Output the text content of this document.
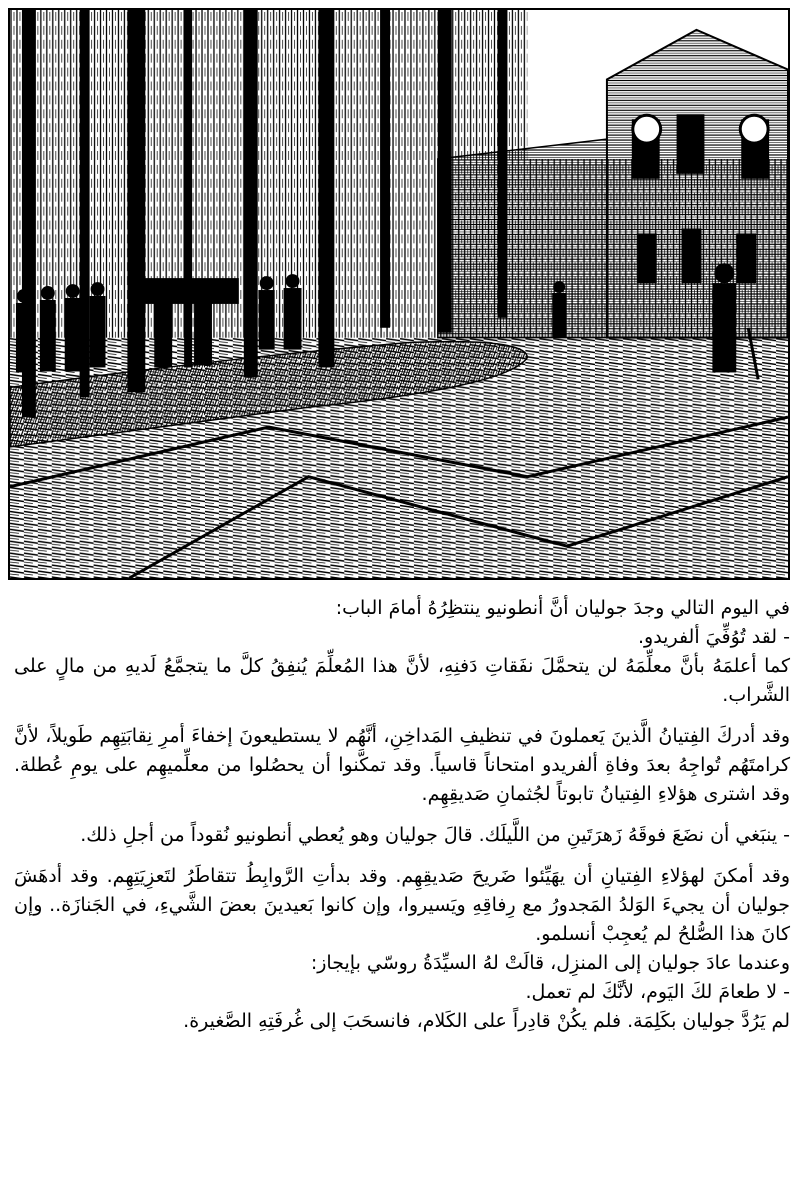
في اليوم التالي وجدَ جوليان أنَّ أنطونيو ينتظِرُهُ أمامَ الباب:

- لقد تُوُفِّيَ ألفريدو.

كما أعلمَهُ بأنَّ معلِّمَهُ لن يتحمَّلَ نفَقاتِ دَفنِهِ، لأنَّ هذا المُعلِّمَ يُنفِقُ كلَّ ما يتجمَّعُ لَديهِ من مالٍ على الشَّراب.

وقد أدركَ الفِتيانُ الَّذينَ يَعملونَ في تنظيفِ المَداخِنِ، أنَّهُم لا يستطيعونَ إخفاءَ أمرِ نِقابَتِهِم طَويلاً، لأنَّ كرامتَهُم تُواجِهُ بعدَ وفاةِ ألفريدو امتحاناً قاسياً. وقد تمكَّنوا أن يحصُلوا من معلِّميهِم على يومِ عُطلة. وقد اشترى هؤلاءِ الفِتيانُ تابوتاً لجُثمانِ صَديقِهِم.

- ينبَغي أن نضَعَ فوقَهُ زَهرَتَينِ من اللَّيلَك. قالَ جوليان وهو يُعطي أنطونيو نُقوداً من أجلِ ذلك.

وقد أمكنَ لهؤلاءِ الفِتيانِ أن يهَيِّئوا ضَريحَ صَديقِهِم. وقد بدأتِ الرَّوابِطُ تتقاطَرُ لتَعزِيَتِهِم. وقد أدهَشَ جوليان أن يجيءَ الوَلدُ المَجدورُ مع رِفاقِهِ ويَسيروا، وإن كانوا بَعيدينَ بعضَ الشَّيءِ، في الجَنازَة.. وإن كانَ هذا الصُّلحُ لم يُعجِبْ أنسلمو.

وعندما عادَ جوليان إلى المنزِل، قالَتْ لهُ السيِّدَةُ روسّي بإيجاز:

- لا طعامَ لكَ اليَوم، لأنَّكَ لم تعمل.

لم يَرُدَّ جوليان بكَلِمَة. فلم يكُنْ قادِراً على الكَلام، فانسحَبَ إلى غُرفَتِهِ الصَّغيرة.
